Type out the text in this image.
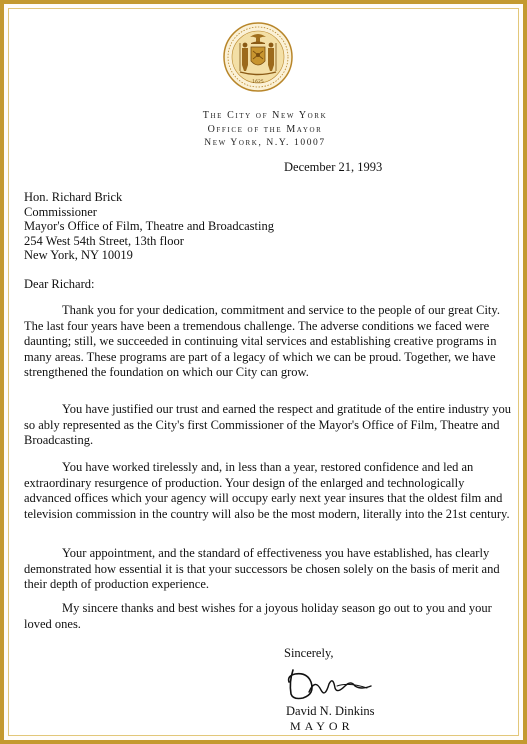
1625
The City of New York
Office of the Mayor
New York, N.Y. 10007
December 21, 1993
Hon. Richard Brick
Commissioner
Mayor's Office of Film, Theatre and Broadcasting
254 West 54th Street, 13th floor
New York, NY 10019
Dear Richard:

Thank you for your dedication, commitment and service to the people of our great City. The last four years have been a tremendous challenge. The adverse conditions we faced were daunting; still, we succeeded in continuing vital services and establishing creative programs in many areas. These programs are part of a legacy of which we can be proud. Together, we have strengthened the foundation on which our City can grow.

You have justified our trust and earned the respect and gratitude of the entire industry you so ably represented as the City's first Commissioner of the Mayor's Office of Film, Theatre and Broadcasting.

You have worked tirelessly and, in less than a year, restored confidence and led an extraordinary resurgence of production. Your design of the enlarged and technologically advanced offices which your agency will occupy early next year insures that the oldest film and television commission in the country will also be the most modern, literally into the 21st century.

Your appointment, and the standard of effectiveness you have established, has clearly demonstrated how essential it is that your successors be chosen solely on the basis of merit and their depth of production experience.

My sincere thanks and best wishes for a joyous holiday season go out to you and your loved ones.

Sincerely,
David N. Dinkins
MAYOR
